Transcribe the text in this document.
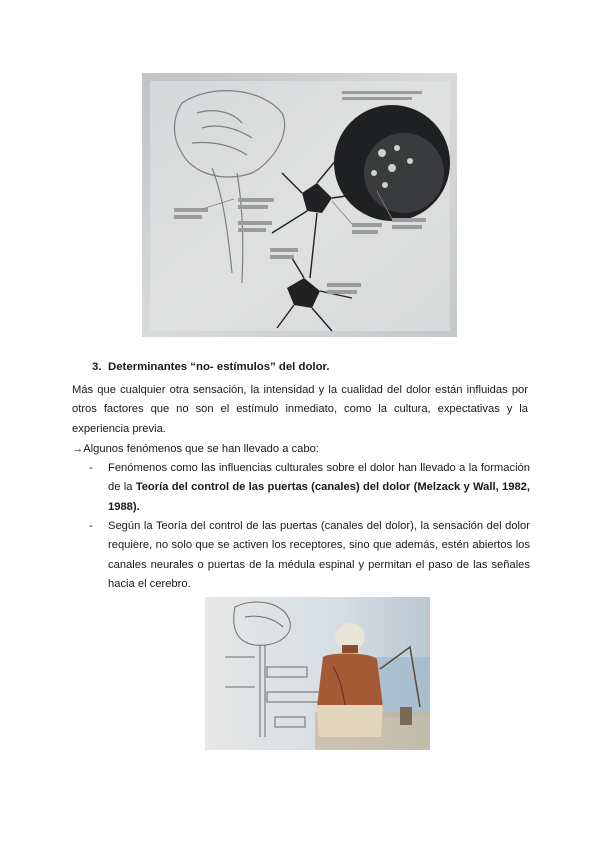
3. Determinantes “no- estímulos” del dolor.
Más que cualquier otra sensación, la intensidad y la cualidad del dolor están influidas por otros factores que no son el estímulo inmediato, como la cultura, expectativas y la experiencia previa.
→Algunos fenómenos que se han llevado a cabo:
-	Fenómenos como las influencias culturales sobre el dolor han llevado a la formación de la Teoría del control de las puertas (canales) del dolor (Melzack y Wall, 1982, 1988).
-	Según la Teoría del control de las puertas (canales del dolor), la sensación del dolor requiere, no solo que se activen los receptores, sino que además, estén abiertos los canales neurales o puertas de la médula espinal y permitan el paso de las señales hacia el cerebro.
